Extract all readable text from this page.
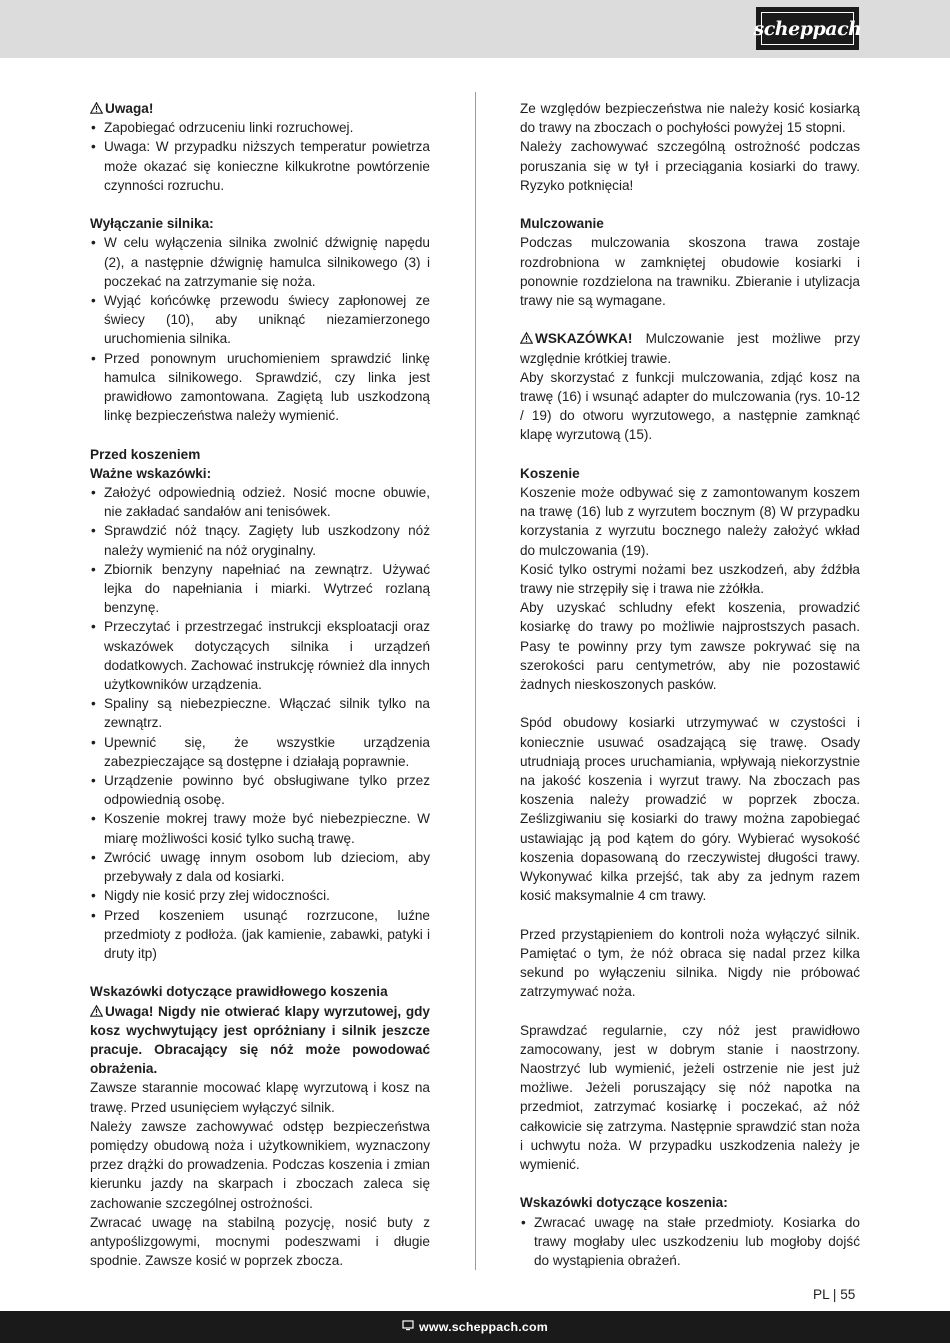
scheppach

Uwaga!

• Zapobiegać odrzuceniu linki rozruchowej.
• Uwaga: W przypadku niższych temperatur powietrza może okazać się konieczne kilkukrotne powtórzenie czynności rozruchu.

Wyłączanie silnika:

• W celu wyłączenia silnika zwolnić dźwignię napędu (2), a następnie dźwignię hamulca silnikowego (3) i poczekać na zatrzymanie się noża.
• Wyjąć końcówkę przewodu świecy zapłonowej ze świecy (10), aby uniknąć niezamierzonego uruchomienia silnika.
• Przed ponownym uruchomieniem sprawdzić linkę hamulca silnikowego. Sprawdzić, czy linka jest prawidłowo zamontowana. Zagiętą lub uszkodzoną linkę bezpieczeństwa należy wymienić.

Przed koszeniem

Ważne wskazówki:

• Założyć odpowiednią odzież. Nosić mocne obuwie, nie zakładać sandałów ani tenisówek.
• Sprawdzić nóż tnący. Zagięty lub uszkodzony nóż należy wymienić na nóż oryginalny.
• Zbiornik benzyny napełniać na zewnątrz. Używać lejka do napełniania i miarki. Wytrzeć rozlaną benzynę.
• Przeczytać i przestrzegać instrukcji eksploatacji oraz wskazówek dotyczących silnika i urządzeń dodatkowych. Zachować instrukcję również dla innych użytkowników urządzenia.
• Spaliny są niebezpieczne. Włączać silnik tylko na zewnątrz.
• Upewnić się, że wszystkie urządzenia zabezpieczające są dostępne i działają poprawnie.
• Urządzenie powinno być obsługiwane tylko przez odpowiednią osobę.
• Koszenie mokrej trawy może być niebezpieczne. W miarę możliwości kosić tylko suchą trawę.
• Zwrócić uwagę innym osobom lub dzieciom, aby przebywały z dala od kosiarki.
• Nigdy nie kosić przy złej widoczności.
• Przed koszeniem usunąć rozrzucone, luźne przedmioty z podłoża. (jak kamienie, zabawki, patyki i druty itp)

Wskazówki dotyczące prawidłowego koszenia

Uwaga! Nigdy nie otwierać klapy wyrzutowej, gdy kosz wychwytujący jest opróżniany i silnik jeszcze pracuje. Obracający się nóż może powodować obrażenia.

Zawsze starannie mocować klapę wyrzutową i kosz na trawę. Przed usunięciem wyłączyć silnik.

Należy zawsze zachowywać odstęp bezpieczeństwa pomiędzy obudową noża i użytkownikiem, wyznaczony przez drążki do prowadzenia. Podczas koszenia i zmian kierunku jazdy na skarpach i zboczach zaleca się zachowanie szczególnej ostrożności.

Zwracać uwagę na stabilną pozycję, nosić buty z antypoślizgowymi, mocnymi podeszwami i długie spodnie. Zawsze kosić w poprzek zbocza.

Ze względów bezpieczeństwa nie należy kosić kosiarką do trawy na zboczach o pochyłości powyżej 15 stopni.

Należy zachowywać szczególną ostrożność podczas poruszania się w tył i przeciągania kosiarki do trawy. Ryzyko potknięcia!

Mulczowanie

Podczas mulczowania skoszona trawa zostaje rozdrobniona w zamkniętej obudowie kosiarki i ponownie rozdzielona na trawniku. Zbieranie i utylizacja trawy nie są wymagane.

WSKAZÓWKA! Mulczowanie jest możliwe przy względnie krótkiej trawie.

Aby skorzystać z funkcji mulczowania, zdjąć kosz na trawę (16) i wsunąć adapter do mulczowania (rys. 10-12 / 19) do otworu wyrzutowego, a następnie zamknąć klapę wyrzutową (15).

Koszenie

Koszenie może odbywać się z zamontowanym koszem na trawę (16) lub z wyrzutem bocznym (8) W przypadku korzystania z wyrzutu bocznego należy założyć wkład do mulczowania (19).

Kosić tylko ostrymi nożami bez uszkodzeń, aby źdźbła trawy nie strzępiły się i trawa nie zżółkła.

Aby uzyskać schludny efekt koszenia, prowadzić kosiarkę do trawy po możliwie najprostszych pasach. Pasy te powinny przy tym zawsze pokrywać się na szerokości paru centymetrów, aby nie pozostawić żadnych nieskoszonych pasków.

Spód obudowy kosiarki utrzymywać w czystości i koniecznie usuwać osadzającą się trawę. Osady utrudniają proces uruchamiania, wpływają niekorzystnie na jakość koszenia i wyrzut trawy. Na zboczach pas koszenia należy prowadzić w poprzek zbocza. Ześlizgiwaniu się kosiarki do trawy można zapobiegać ustawiając ją pod kątem do góry. Wybierać wysokość koszenia dopasowaną do rzeczywistej długości trawy. Wykonywać kilka przejść, tak aby za jednym razem kosić maksymalnie 4 cm trawy.

Przed przystąpieniem do kontroli noża wyłączyć silnik. Pamiętać o tym, że nóż obraca się nadal przez kilka sekund po wyłączeniu silnika. Nigdy nie próbować zatrzymywać noża.

Sprawdzać regularnie, czy nóż jest prawidłowo zamocowany, jest w dobrym stanie i naostrzony. Naostrzyć lub wymienić, jeżeli ostrzenie nie jest już możliwe. Jeżeli poruszający się nóż napotka na przedmiot, zatrzymać kosiarkę i poczekać, aż nóż całkowicie się zatrzyma. Następnie sprawdzić stan noża i uchwytu noża. W przypadku uszkodzenia należy je wymienić.

Wskazówki dotyczące koszenia:

• Zwracać uwagę na stałe przedmioty. Kosiarka do trawy mogłaby ulec uszkodzeniu lub mogłoby dojść do wystąpienia obrażeń.
PL | 55
www.scheppach.com
